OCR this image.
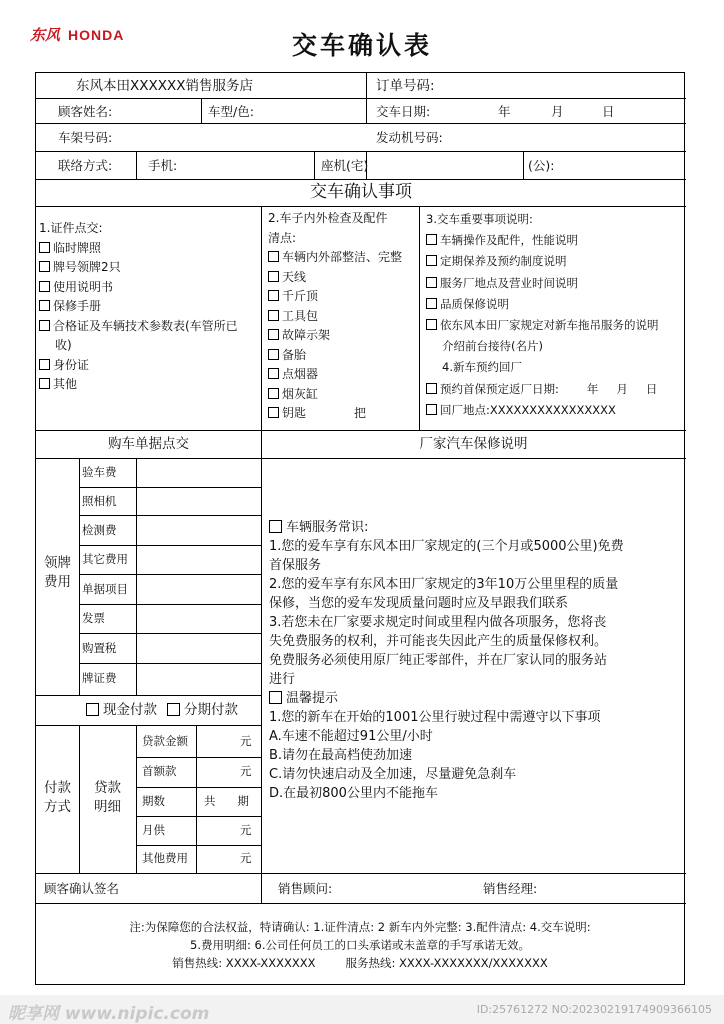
东风 HONDA	交车确认表
东风本田XXXXXX销售服务店	订单号码:
顾客姓名:	车型/色:	交车日期:	年	月	日
车架号码:	发动机号码:
联络方式:	手机:	座机(宅)	(公):
交车确认事项
1.证件点交:
临时牌照
牌号领牌2只
使用说明书
保修手册
合格证及车辆技术参数表(车管所已
收)
身份证
其他
2.车子内外检查及配件
清点:
车辆内外部整洁、完整
天线
千斤顶
工具包
故障示架
备胎
点烟器
烟灰缸
钥匙	把
3.交车重要事项说明:
车辆操作及配件，性能说明
定期保养及预约制度说明
服务厂地点及营业时间说明
品质保修说明
依东风本田厂家规定对新车拖吊服务的说明
介绍前台接待(名片)
4.新车预约回厂
预约首保预定返厂日期: 年 月 日
回厂地点:XXXXXXXXXXXXXXXX
购车单据点交	厂家汽车保修说明
领牌
费用
验车费
照相机
检测费
其它费用
单据项目
发票
购置税
牌证费
现金付款 分期付款
付款
方式
贷款
明细
贷款金额	元
首额款	元
期数	共      期
月供	元
其他费用	元
车辆服务常识:
1.您的爱车享有东风本田厂家规定的(三个月或5000公里)免费
首保服务
2.您的爱车享有东风本田厂家规定的3年10万公里里程的质量
保修，当您的爱车发现质量问题时应及早跟我们联系
3.若您未在厂家要求规定时间或里程内做各项服务，您将丧
失免费服务的权利，并可能丧失因此产生的质量保修权利。
免费服务必须使用原厂纯正零部件，并在厂家认同的服务站
进行
温馨提示
1.您的新车在开始的1001公里行驶过程中需遵守以下事项
A.车速不能超过91公里/小时
B.请勿在最高档使劲加速
C.请勿快速启动及全加速，尽量避免急刹车
D.在最初800公里内不能拖车
顾客确认签名	销售顾问:	销售经理:
注:为保障您的合法权益，特请确认: 1.证件清点: 2 新车内外完整: 3.配件清点: 4.交车说明:
5.费用明细: 6.公司任何员工的口头承诺或未盖章的手写承诺无效。
销售热线: XXXX-XXXXXXX	服务热线: XXXX-XXXXXXX/XXXXXXX
昵享网 www.nipic.com	ID:25761272 NO:20230219174909366105
